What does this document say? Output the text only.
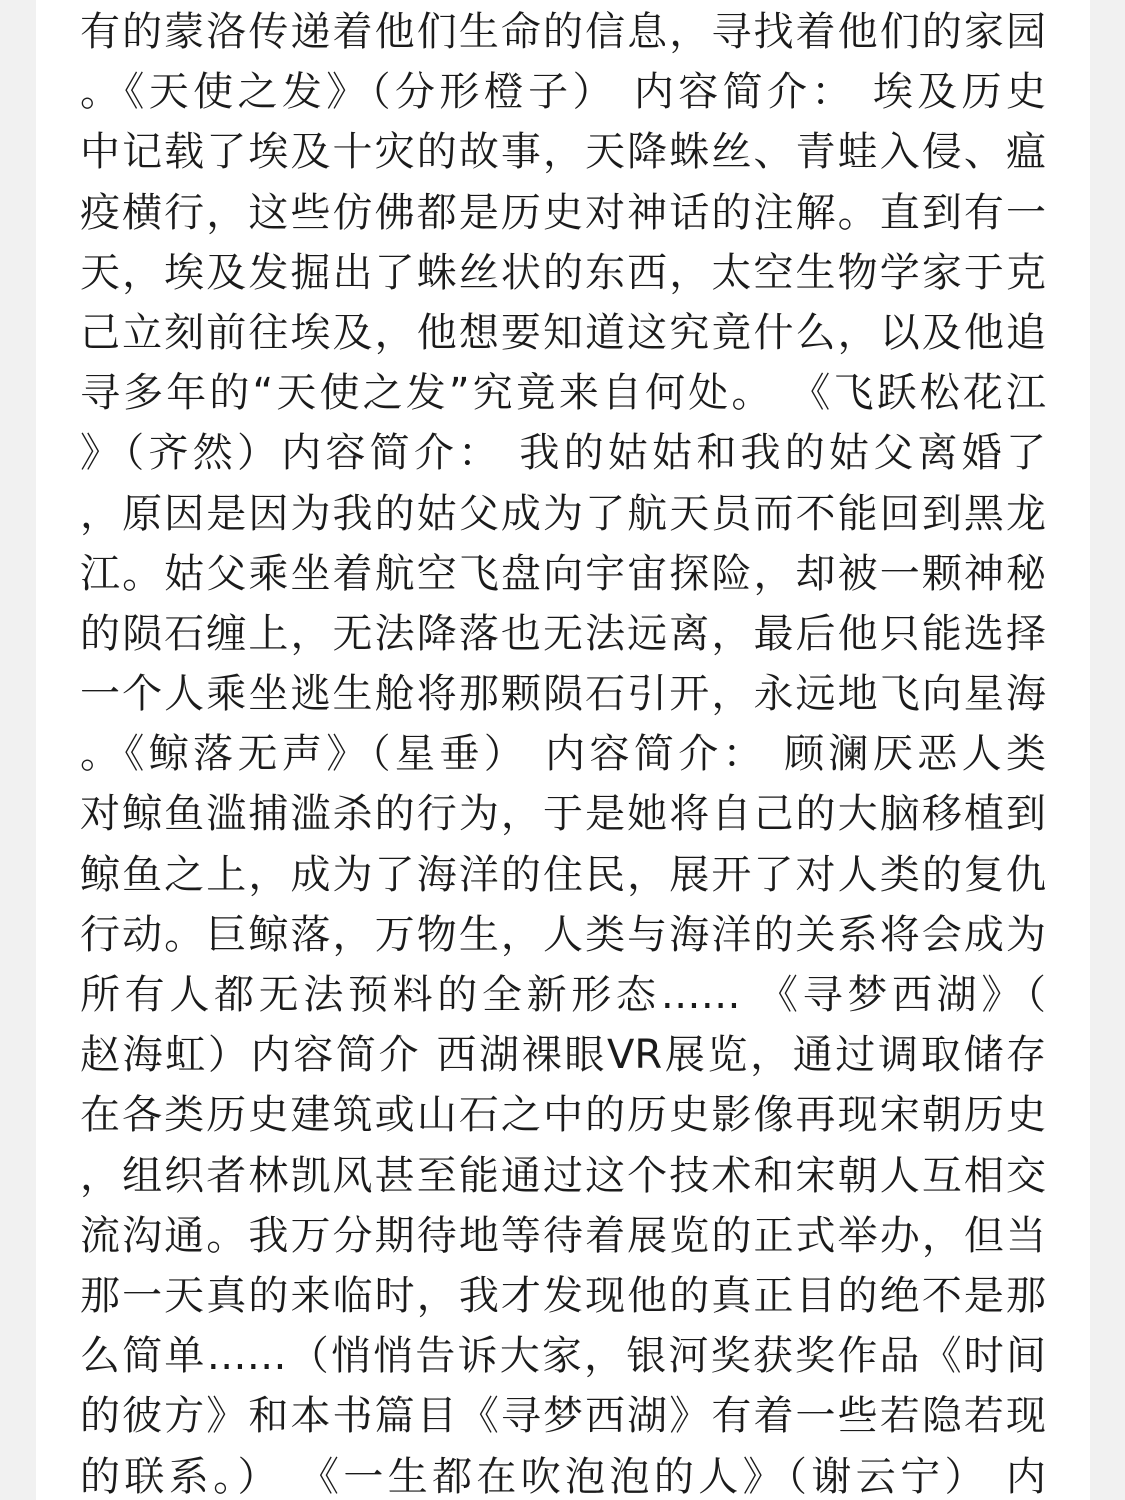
有的蒙洛传递着他们生命的信息，寻找着他们的家园
。《天使之发》（分形橙子） 内容简介： 埃及历史
中记载了埃及十灾的故事，天降蛛丝、青蛙入侵、瘟
疫横行，这些仿佛都是历史对神话的注解。直到有一
天，埃及发掘出了蛛丝状的东西，太空生物学家于克
己立刻前往埃及，他想要知道这究竟什么，以及他追
寻多年的“天使之发”究竟来自何处。 《飞跃松花江
》（齐然）内容简介： 我的姑姑和我的姑父离婚了
，原因是因为我的姑父成为了航天员而不能回到黑龙
江。姑父乘坐着航空飞盘向宇宙探险，却被一颗神秘
的陨石缠上，无法降落也无法远离，最后他只能选择
一个人乘坐逃生舱将那颗陨石引开，永远地飞向星海
。《鲸落无声》（星垂） 内容简介： 顾澜厌恶人类
对鲸鱼滥捕滥杀的行为，于是她将自己的大脑移植到
鲸鱼之上，成为了海洋的住民，展开了对人类的复仇
行动。巨鲸落，万物生，人类与海洋的关系将会成为
所有人都无法预料的全新形态…… 《寻梦西湖》（
赵海虹）内容简介 西湖裸眼VR展览，通过调取储存
在各类历史建筑或山石之中的历史影像再现宋朝历史
，组织者林凯风甚至能通过这个技术和宋朝人互相交
流沟通。我万分期待地等待着展览的正式举办，但当
那一天真的来临时，我才发现他的真正目的绝不是那
么简单……（悄悄告诉大家，银河奖获奖作品《时间
的彼方》和本书篇目《寻梦西湖》有着一些若隐若现
的联系。） 《一生都在吹泡泡的人》（谢云宁） 内
